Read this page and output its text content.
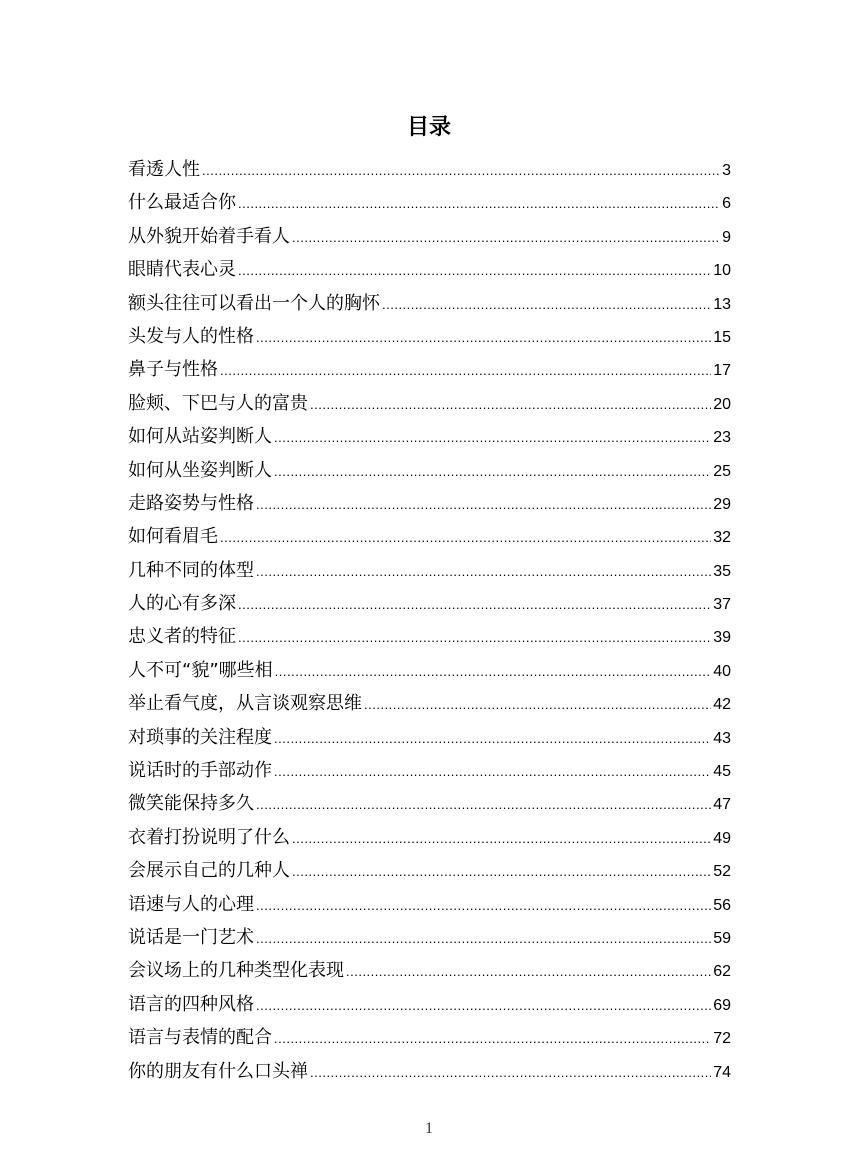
目录
看透人性 .....	3
什么最适合你 .....	6
从外貌开始着手看人 .....	9
眼睛代表心灵 .....	10
额头往往可以看出一个人的胸怀 .....	13
头发与人的性格 .....	15
鼻子与性格 .....	17
脸颊、下巴与人的富贵 .....	20
如何从站姿判断人 .....	23
如何从坐姿判断人 .....	25
走路姿势与性格 .....	29
如何看眉毛 .....	32
几种不同的体型 .....	35
人的心有多深 .....	37
忠义者的特征 .....	39
人不可“貌”哪些相 .....	40
举止看气度，从言谈观察思维 .....	42
对琐事的关注程度 .....	43
说话时的手部动作 .....	45
微笑能保持多久 .....	47
衣着打扮说明了什么 .....	49
会展示自己的几种人 .....	52
语速与人的心理 .....	56
说话是一门艺术 .....	59
会议场上的几种类型化表现 .....	62
语言的四种风格 .....	69
语言与表情的配合 .....	72
你的朋友有什么口头禅 .....	74
1
